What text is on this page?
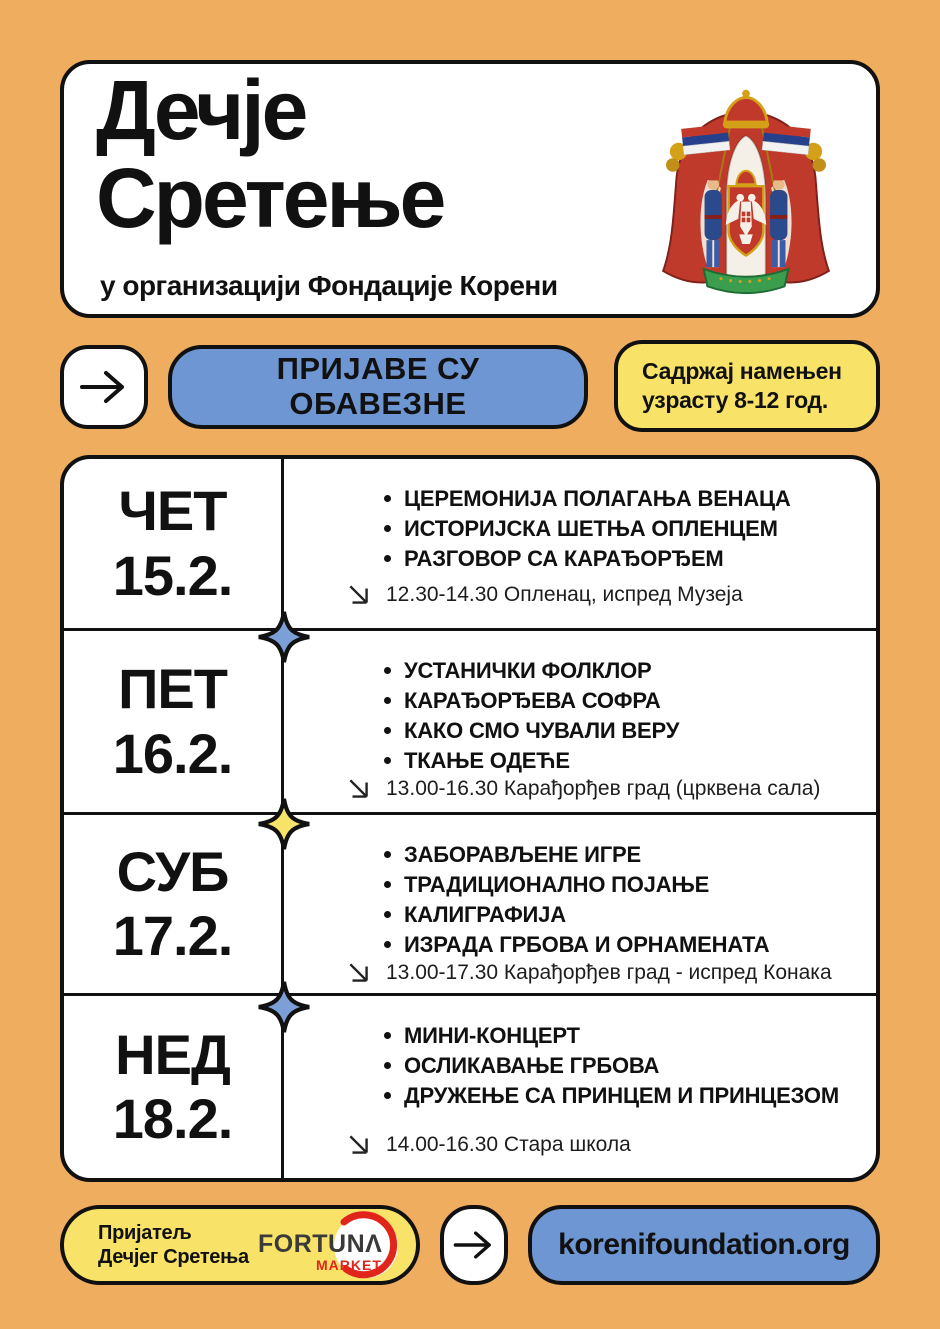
Дечје
Сретење
у организацији Фондације Корени
ПРИЈАВЕ СУ
ОБАВЕЗНЕ
Садржај намењен
узрасту 8-12 год.
ЧЕТ
15.2.
ЦЕРЕМОНИЈА ПОЛАГАЊА ВЕНАЦА
ИСТОРИЈСКА ШЕТЊА ОПЛЕНЦЕМ
РАЗГОВОР СА КАРАЂОРЂЕМ
12.30-14.30 Опленац, испред Музеја
ПЕТ
16.2.
УСТАНИЧКИ ФОЛКЛОР
КАРАЂОРЂЕВА СОФРА
КАКО СМО ЧУВАЛИ ВЕРУ
ТКАЊЕ ОДЕЋЕ
13.00-16.30 Карађорђев град (црквена сала)
СУБ
17.2.
ЗАБОРАВЉЕНЕ ИГРЕ
ТРАДИЦИОНАЛНО ПОЈАЊЕ
КАЛИГРАФИЈА
ИЗРАДА ГРБОВА И ОРНАМЕНАТА
13.00-17.30 Карађорђев град - испред Конака
НЕД
18.2.
МИНИ-КОНЦЕРТ
ОСЛИКАВАЊЕ ГРБОВА
ДРУЖЕЊЕ СА ПРИНЦЕМ И ПРИНЦЕЗОМ
14.00-16.30 Стара школа
Пријатељ
Дечјег Сретења FORTUNΛ
MARKET
korenifoundation.org
